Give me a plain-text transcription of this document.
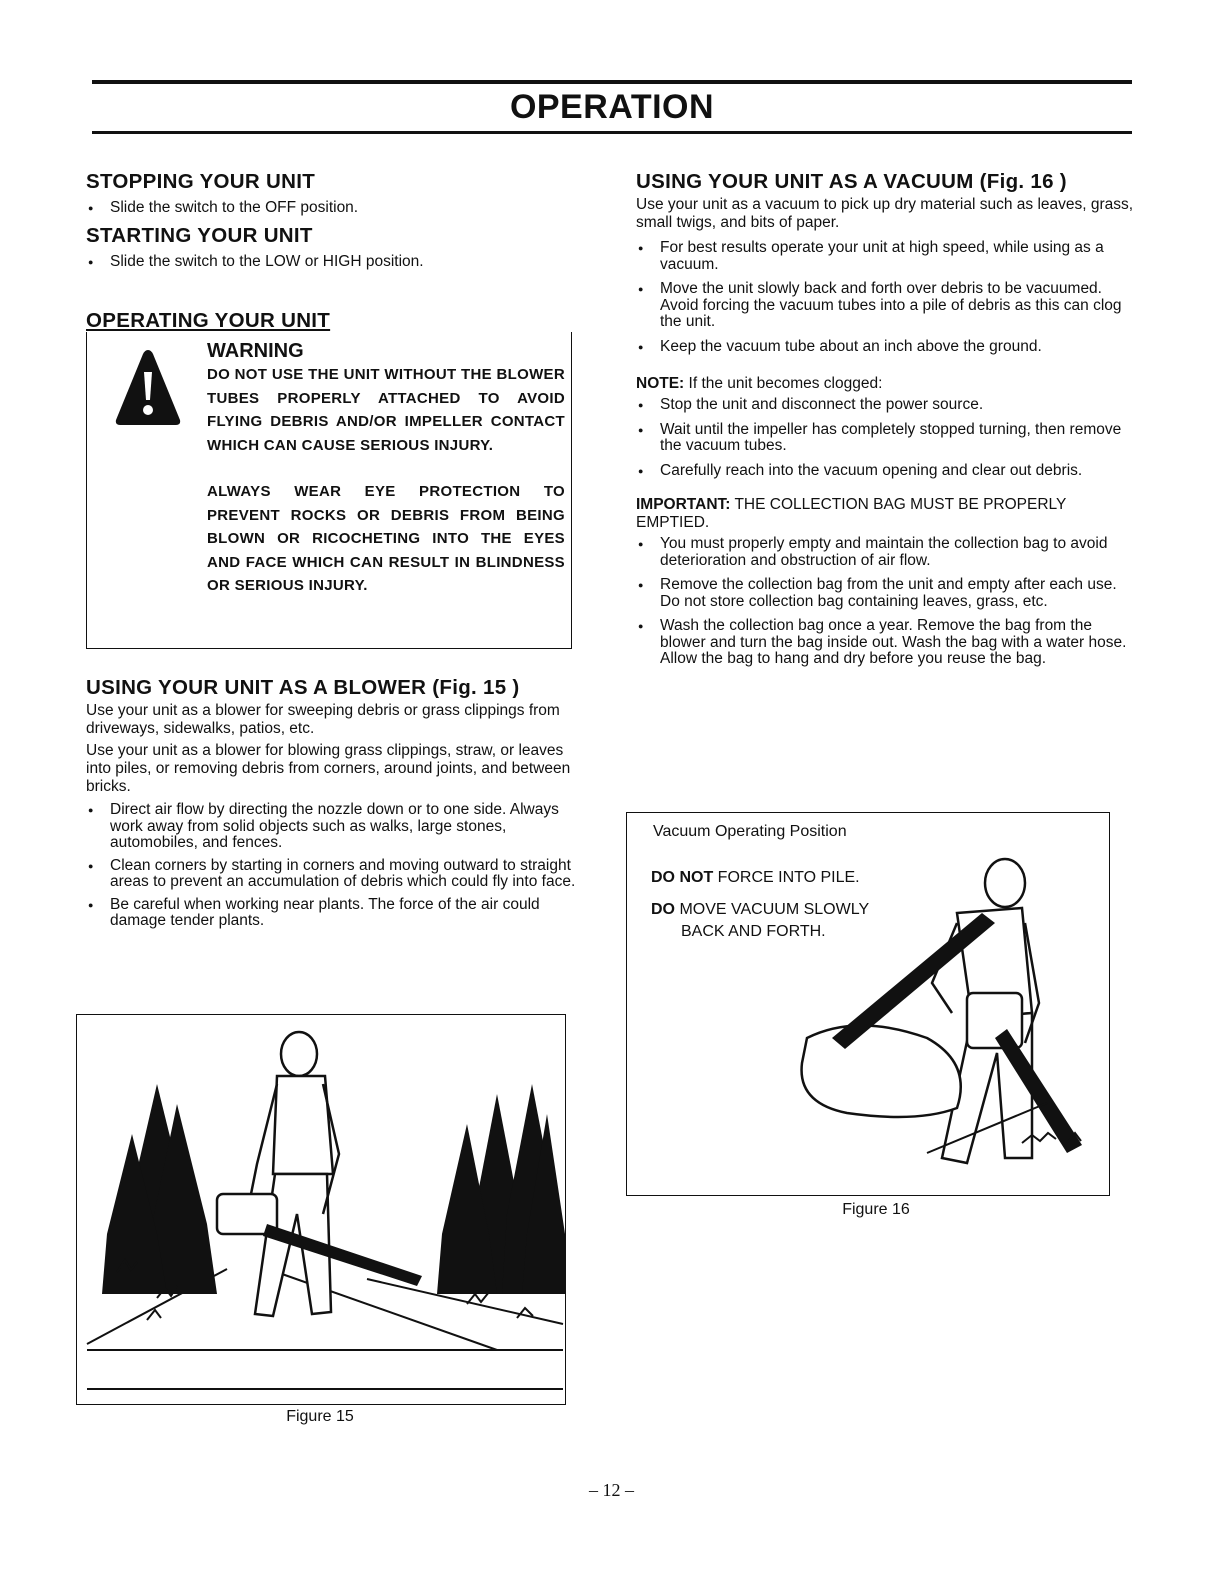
OPERATION
STOPPING YOUR UNIT
● Slide the switch to the OFF position.
STARTING YOUR UNIT
● Slide the switch to the LOW or HIGH position.
OPERATING YOUR UNIT
WARNING
DO NOT USE THE UNIT WITHOUT THE BLOWER TUBES PROPERLY ATTACHED TO AVOID FLYING DEBRIS AND/OR IMPELLER CONTACT WHICH CAN CAUSE SERIOUS INJURY.
ALWAYS WEAR EYE PROTECTION TO PREVENT ROCKS OR DEBRIS FROM BEING BLOWN OR RICOCHETING INTO THE EYES AND FACE WHICH CAN RESULT IN BLINDNESS OR SERIOUS INJURY.
USING YOUR UNIT AS A BLOWER (Fig. 15 )

Use your unit as a blower for sweeping debris or grass clippings from driveways, sidewalks, patios, etc.

Use your unit as a blower for blowing grass clippings, straw, or leaves into piles, or removing debris from corners, around joints, and between bricks.

● Direct air flow by directing the nozzle down or to one side. Always work away from solid objects such as walks, large stones, automobiles, and fences.
● Clean corners by starting in corners and moving outward to straight areas to prevent an accumulation of debris which could fly into face.
● Be careful when working near plants. The force of the air could damage tender plants.
Figure 15
USING YOUR UNIT AS A VACUUM (Fig. 16 )

Use your unit as a vacuum to pick up dry material such as leaves, grass, small twigs, and bits of paper.

● For best results operate your unit at high speed, while using as a vacuum.
● Move the unit slowly back and forth over debris to be vacuumed. Avoid forcing the vacuum tubes into a pile of debris as this can clog the unit.
● Keep the vacuum tube about an inch above the ground.

NOTE: If the unit becomes clogged:

● Stop the unit and disconnect the power source.
● Wait until the impeller has completely stopped turning, then remove the vacuum tubes.
● Carefully reach into the vacuum opening and clear out debris.

IMPORTANT: THE COLLECTION BAG MUST BE PROPERLY EMPTIED.

● You must properly empty and maintain the collection bag to avoid deterioration and obstruction of air flow.
● Remove the collection bag from the unit and empty after each use. Do not store collection bag containing leaves, grass, etc.
● Wash the collection bag once a year. Remove the bag from the blower and turn the bag inside out. Wash the bag with a water hose. Allow the bag to hang and dry before you reuse the bag.
Vacuum Operating Position
DO NOT FORCE INTO PILE.
DO MOVE VACUUM SLOWLY
BACK AND FORTH.
Figure 16
– 12 –
